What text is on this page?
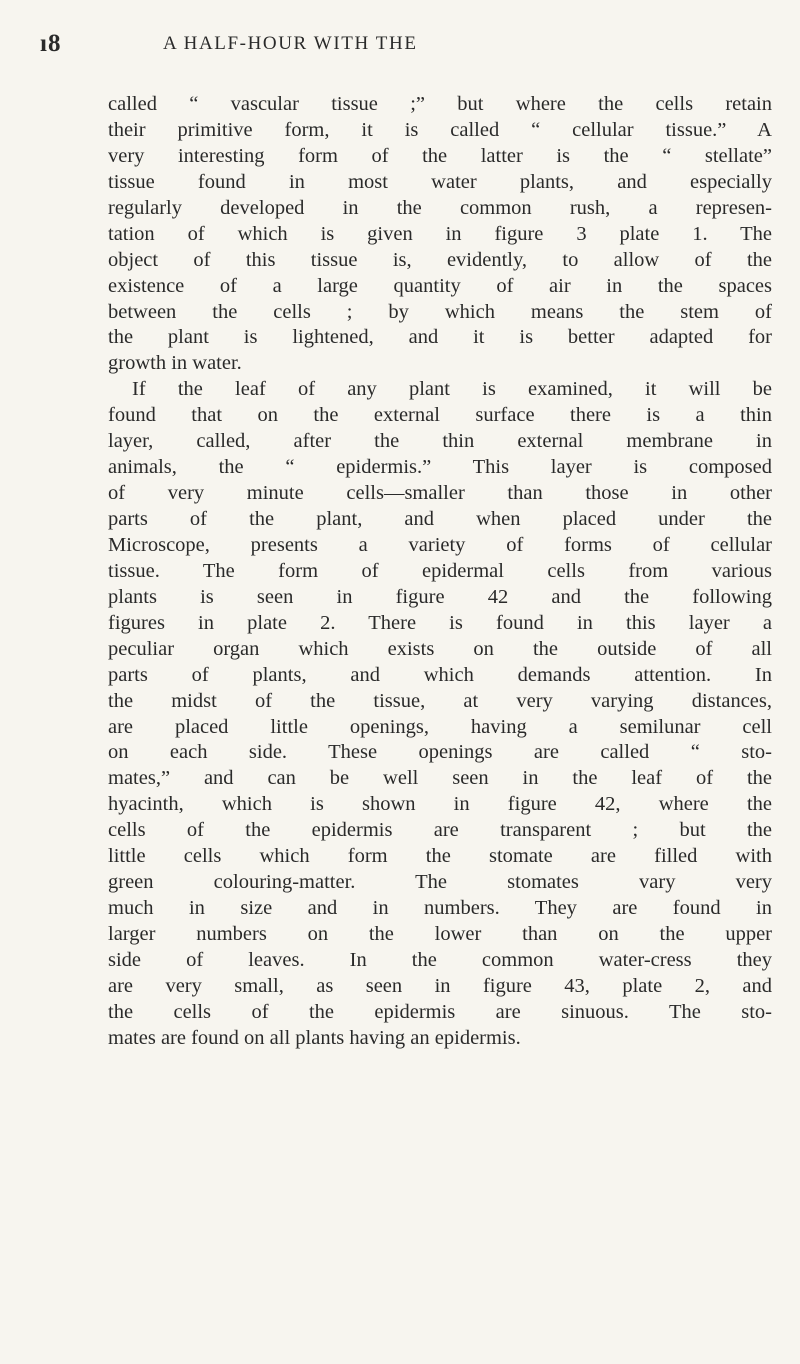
ı8	A HALF-HOUR WITH THE
called “ vascular tissue ;” but where the cells retain
their primitive form, it is called “ cellular tissue.” A
very interesting form of the latter is the “ stellate”
tissue found in most water plants, and especially
regularly developed in the common rush, a represen-
tation of which is given in figure 3 plate 1. The
object of this tissue is, evidently, to allow of the
existence of a large quantity of air in the spaces
between the cells ; by which means the stem of
the plant is lightened, and it is better adapted for
growth in water.
If the leaf of any plant is examined, it will be
found that on the external surface there is a thin
layer, called, after the thin external membrane in
animals, the “ epidermis.” This layer is composed
of very minute cells—smaller than those in other
parts of the plant, and when placed under the
Microscope, presents a variety of forms of cellular
tissue. The form of epidermal cells from various
plants is seen in figure 42 and the following
figures in plate 2. There is found in this layer a
peculiar organ which exists on the outside of all
parts of plants, and which demands attention. In
the midst of the tissue, at very varying distances,
are placed little openings, having a semilunar cell
on each side. These openings are called “ sto-
mates,” and can be well seen in the leaf of the
hyacinth, which is shown in figure 42, where the
cells of the epidermis are transparent ; but the
little cells which form the stomate are filled with
green colouring-matter. The stomates vary very
much in size and in numbers. They are found in
larger numbers on the lower than on the upper
side of leaves. In the common water-cress they
are very small, as seen in figure 43, plate 2, and
the cells of the epidermis are sinuous. The sto-
mates are found on all plants having an epidermis.
